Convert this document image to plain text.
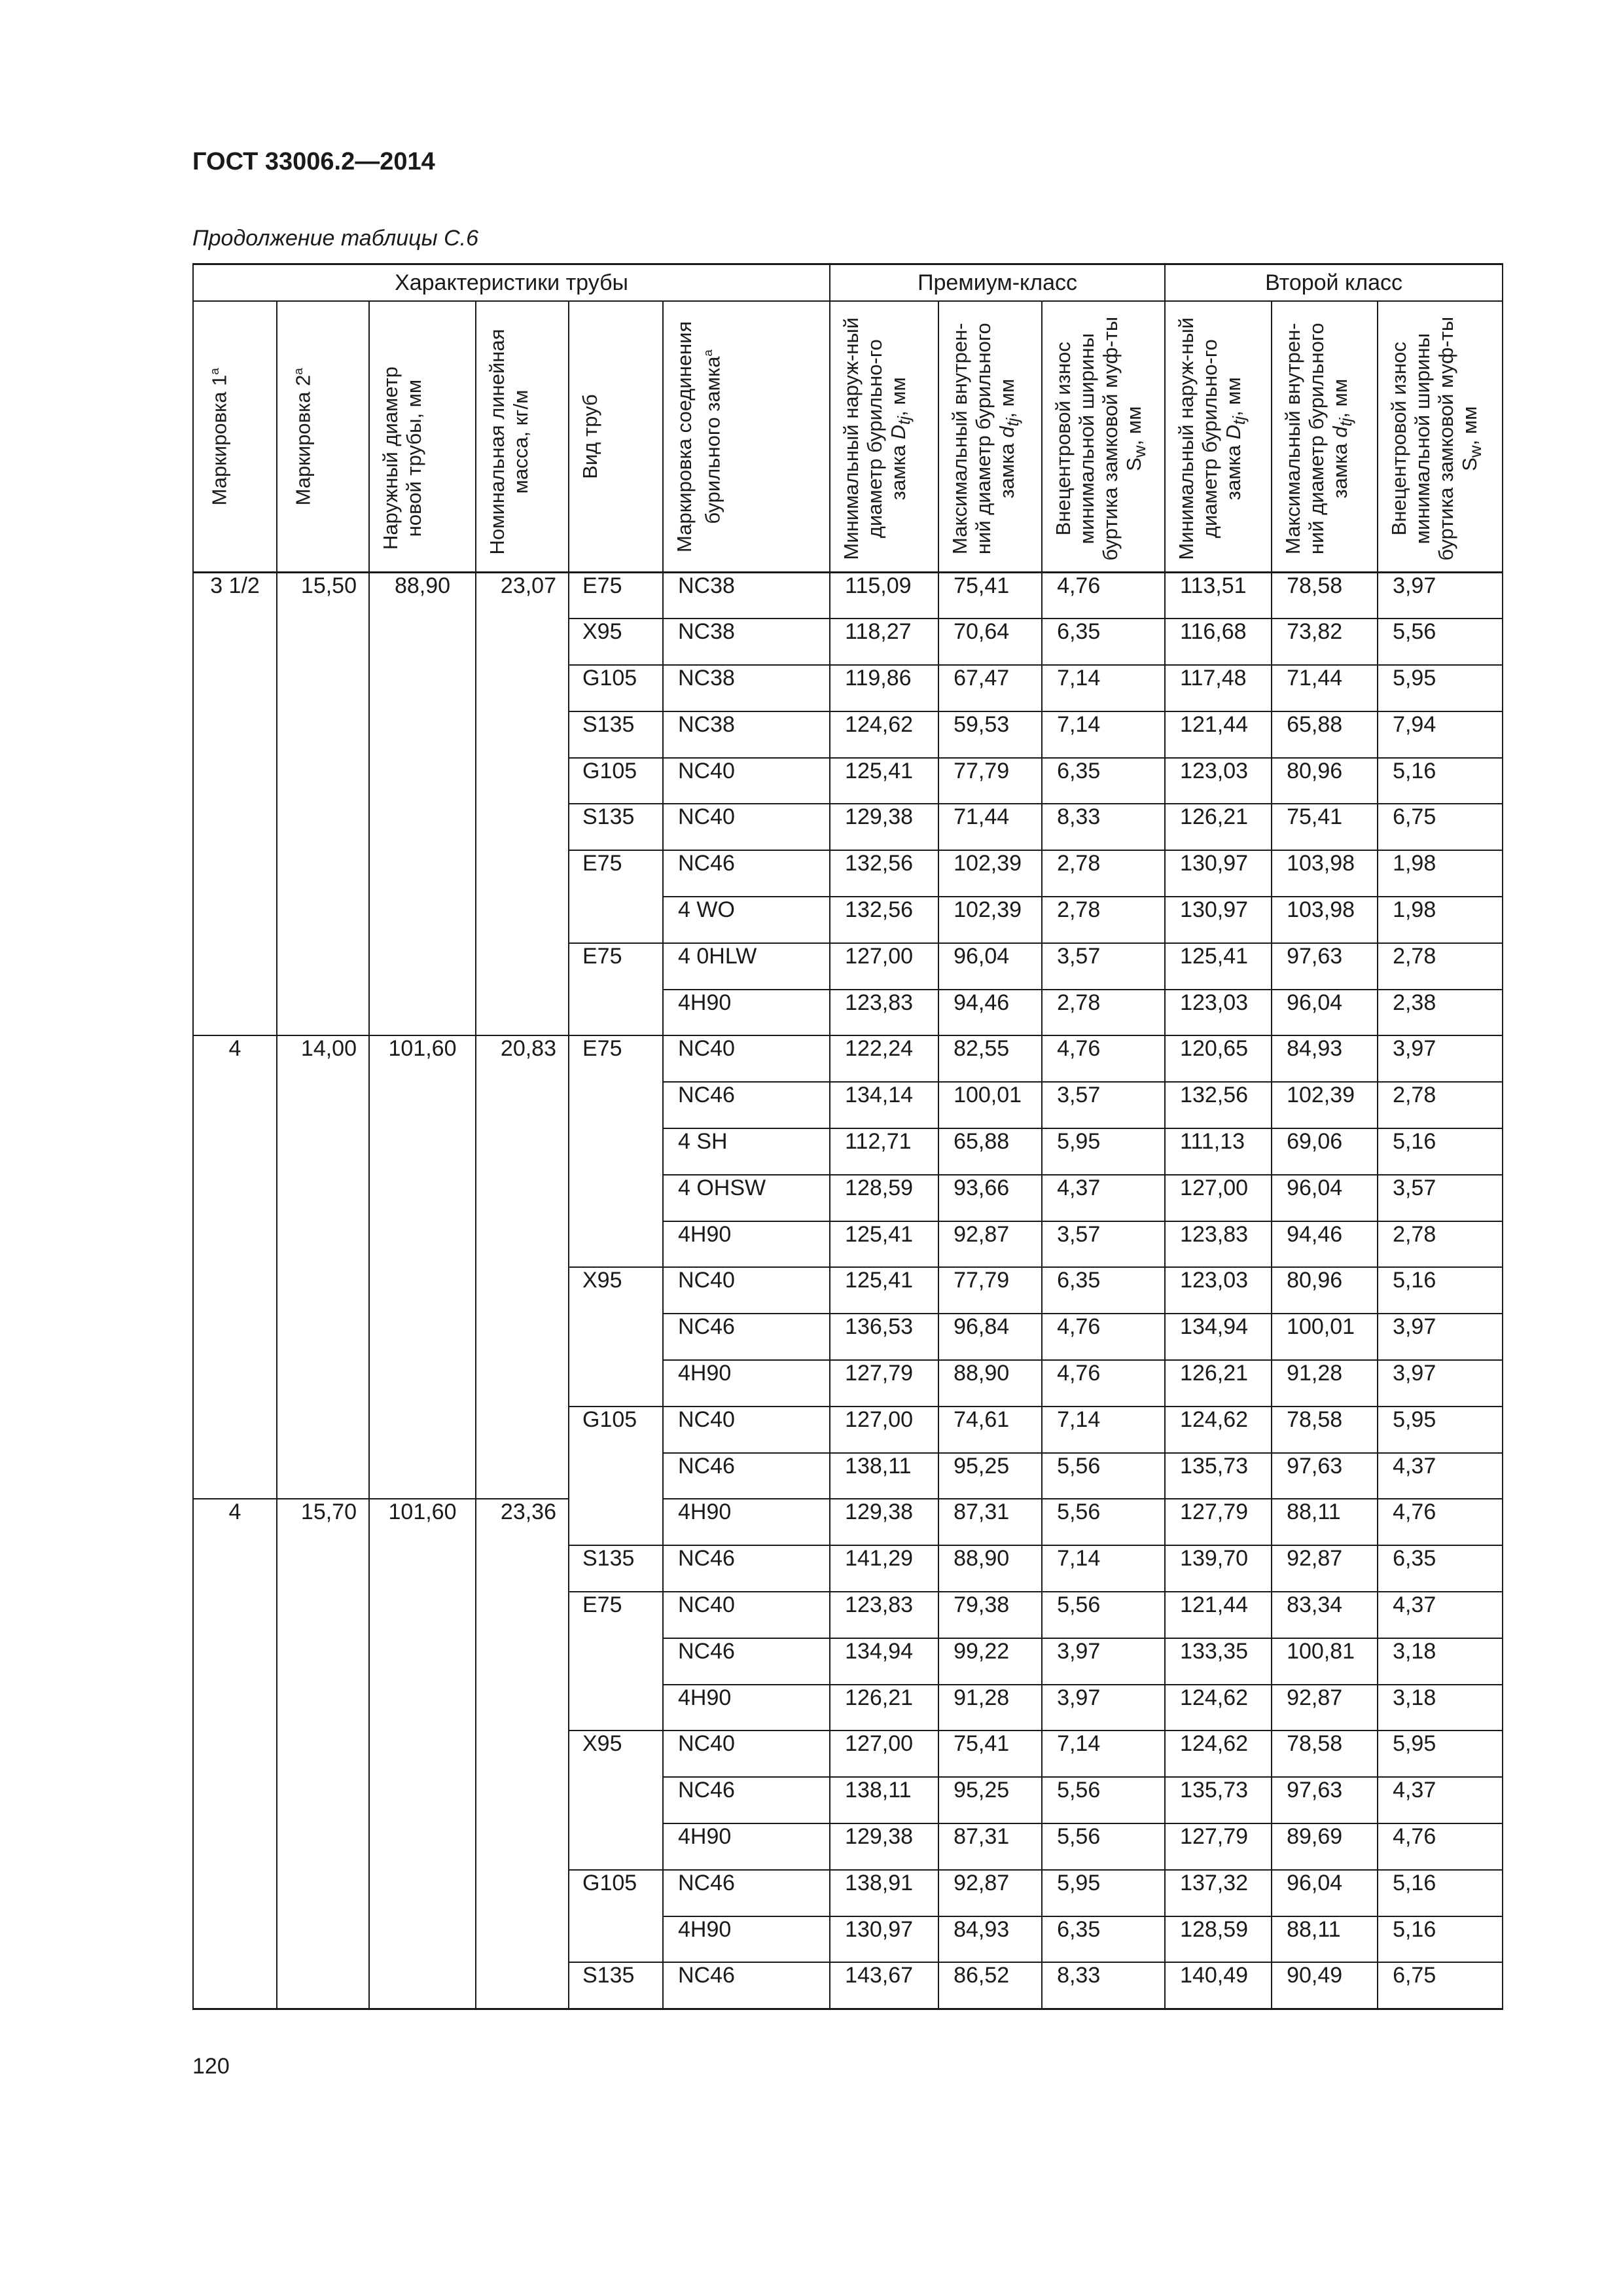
ГОСТ 33006.2—2014
Продолжение таблицы С.6
Характеристики трубы						Премиум-класс			Второй класс		

Маркировка $1^а$	Маркировка $2^а$	Наружный диаметр новой трубы, мм	Номинальная линейная масса, кг/м	Вид труб	Маркировка соединения бурильного замка$^а$	Минимальный наруж-ный диаметр бурильно-го замка $D_{tj}$, мм	Максимальный внутрен-ний диаметр бурильного замка $d_{tj}$, мм	Внецентровой износ минимальной ширины буртика замковой муф-ты $S_w$, мм	Минимальный наруж-ный диаметр бурильно-го замка $D_{tj}$, мм	Максимальный внутрен-ний диаметр бурильного замка $d_{tj}$, мм	Внецентровой износ минимальной ширины буртика замковой муф-ты $S_w$, мм

3 1/2	15,50	88,90	23,07	E75	NC38	115,09	75,41	4,76	113,51	78,58	3,97
				X95	NC38	118,27	70,64	6,35	116,68	73,82	5,56
				G105	NC38	119,86	67,47	7,14	117,48	71,44	5,95
				S135	NC38	124,62	59,53	7,14	121,44	65,88	7,94
				G105	NC40	125,41	77,79	6,35	123,03	80,96	5,16
				S135	NC40	129,38	71,44	8,33	126,21	75,41	6,75
				E75	NC46	132,56	102,39	2,78	130,97	103,98	1,98
					4 WO	132,56	102,39	2,78	130,97	103,98	1,98
				E75	4 0HLW	127,00	96,04	3,57	125,41	97,63	2,78
					4H90	123,83	94,46	2,78	123,03	96,04	2,38
4	14,00	101,60	20,83	E75	NC40	122,24	82,55	4,76	120,65	84,93	3,97
					NC46	134,14	100,01	3,57	132,56	102,39	2,78
					4 SH	112,71	65,88	5,95	111,13	69,06	5,16
					4 OHSW	128,59	93,66	4,37	127,00	96,04	3,57
					4H90	125,41	92,87	3,57	123,83	94,46	2,78
				X95	NC40	125,41	77,79	6,35	123,03	80,96	5,16
					NC46	136,53	96,84	4,76	134,94	100,01	3,97
					4H90	127,79	88,90	4,76	126,21	91,28	3,97
				G105	NC40	127,00	74,61	7,14	124,62	78,58	5,95
					NC46	138,11	95,25	5,56	135,73	97,63	4,37
4	15,70	101,60	23,36		4H90	129,38	87,31	5,56	127,79	88,11	4,76
				S135	NC46	141,29	88,90	7,14	139,70	92,87	6,35
				E75	NC40	123,83	79,38	5,56	121,44	83,34	4,37
					NC46	134,94	99,22	3,97	133,35	100,81	3,18
					4H90	126,21	91,28	3,97	124,62	92,87	3,18
				X95	NC40	127,00	75,41	7,14	124,62	78,58	5,95
					NC46	138,11	95,25	5,56	135,73	97,63	4,37
					4H90	129,38	87,31	5,56	127,79	89,69	4,76
				G105	NC46	138,91	92,87	5,95	137,32	96,04	5,16
					4H90	130,97	84,93	6,35	128,59	88,11	5,16
				S135	NC46	143,67	86,52	8,33	140,49	90,49	6,75
120
